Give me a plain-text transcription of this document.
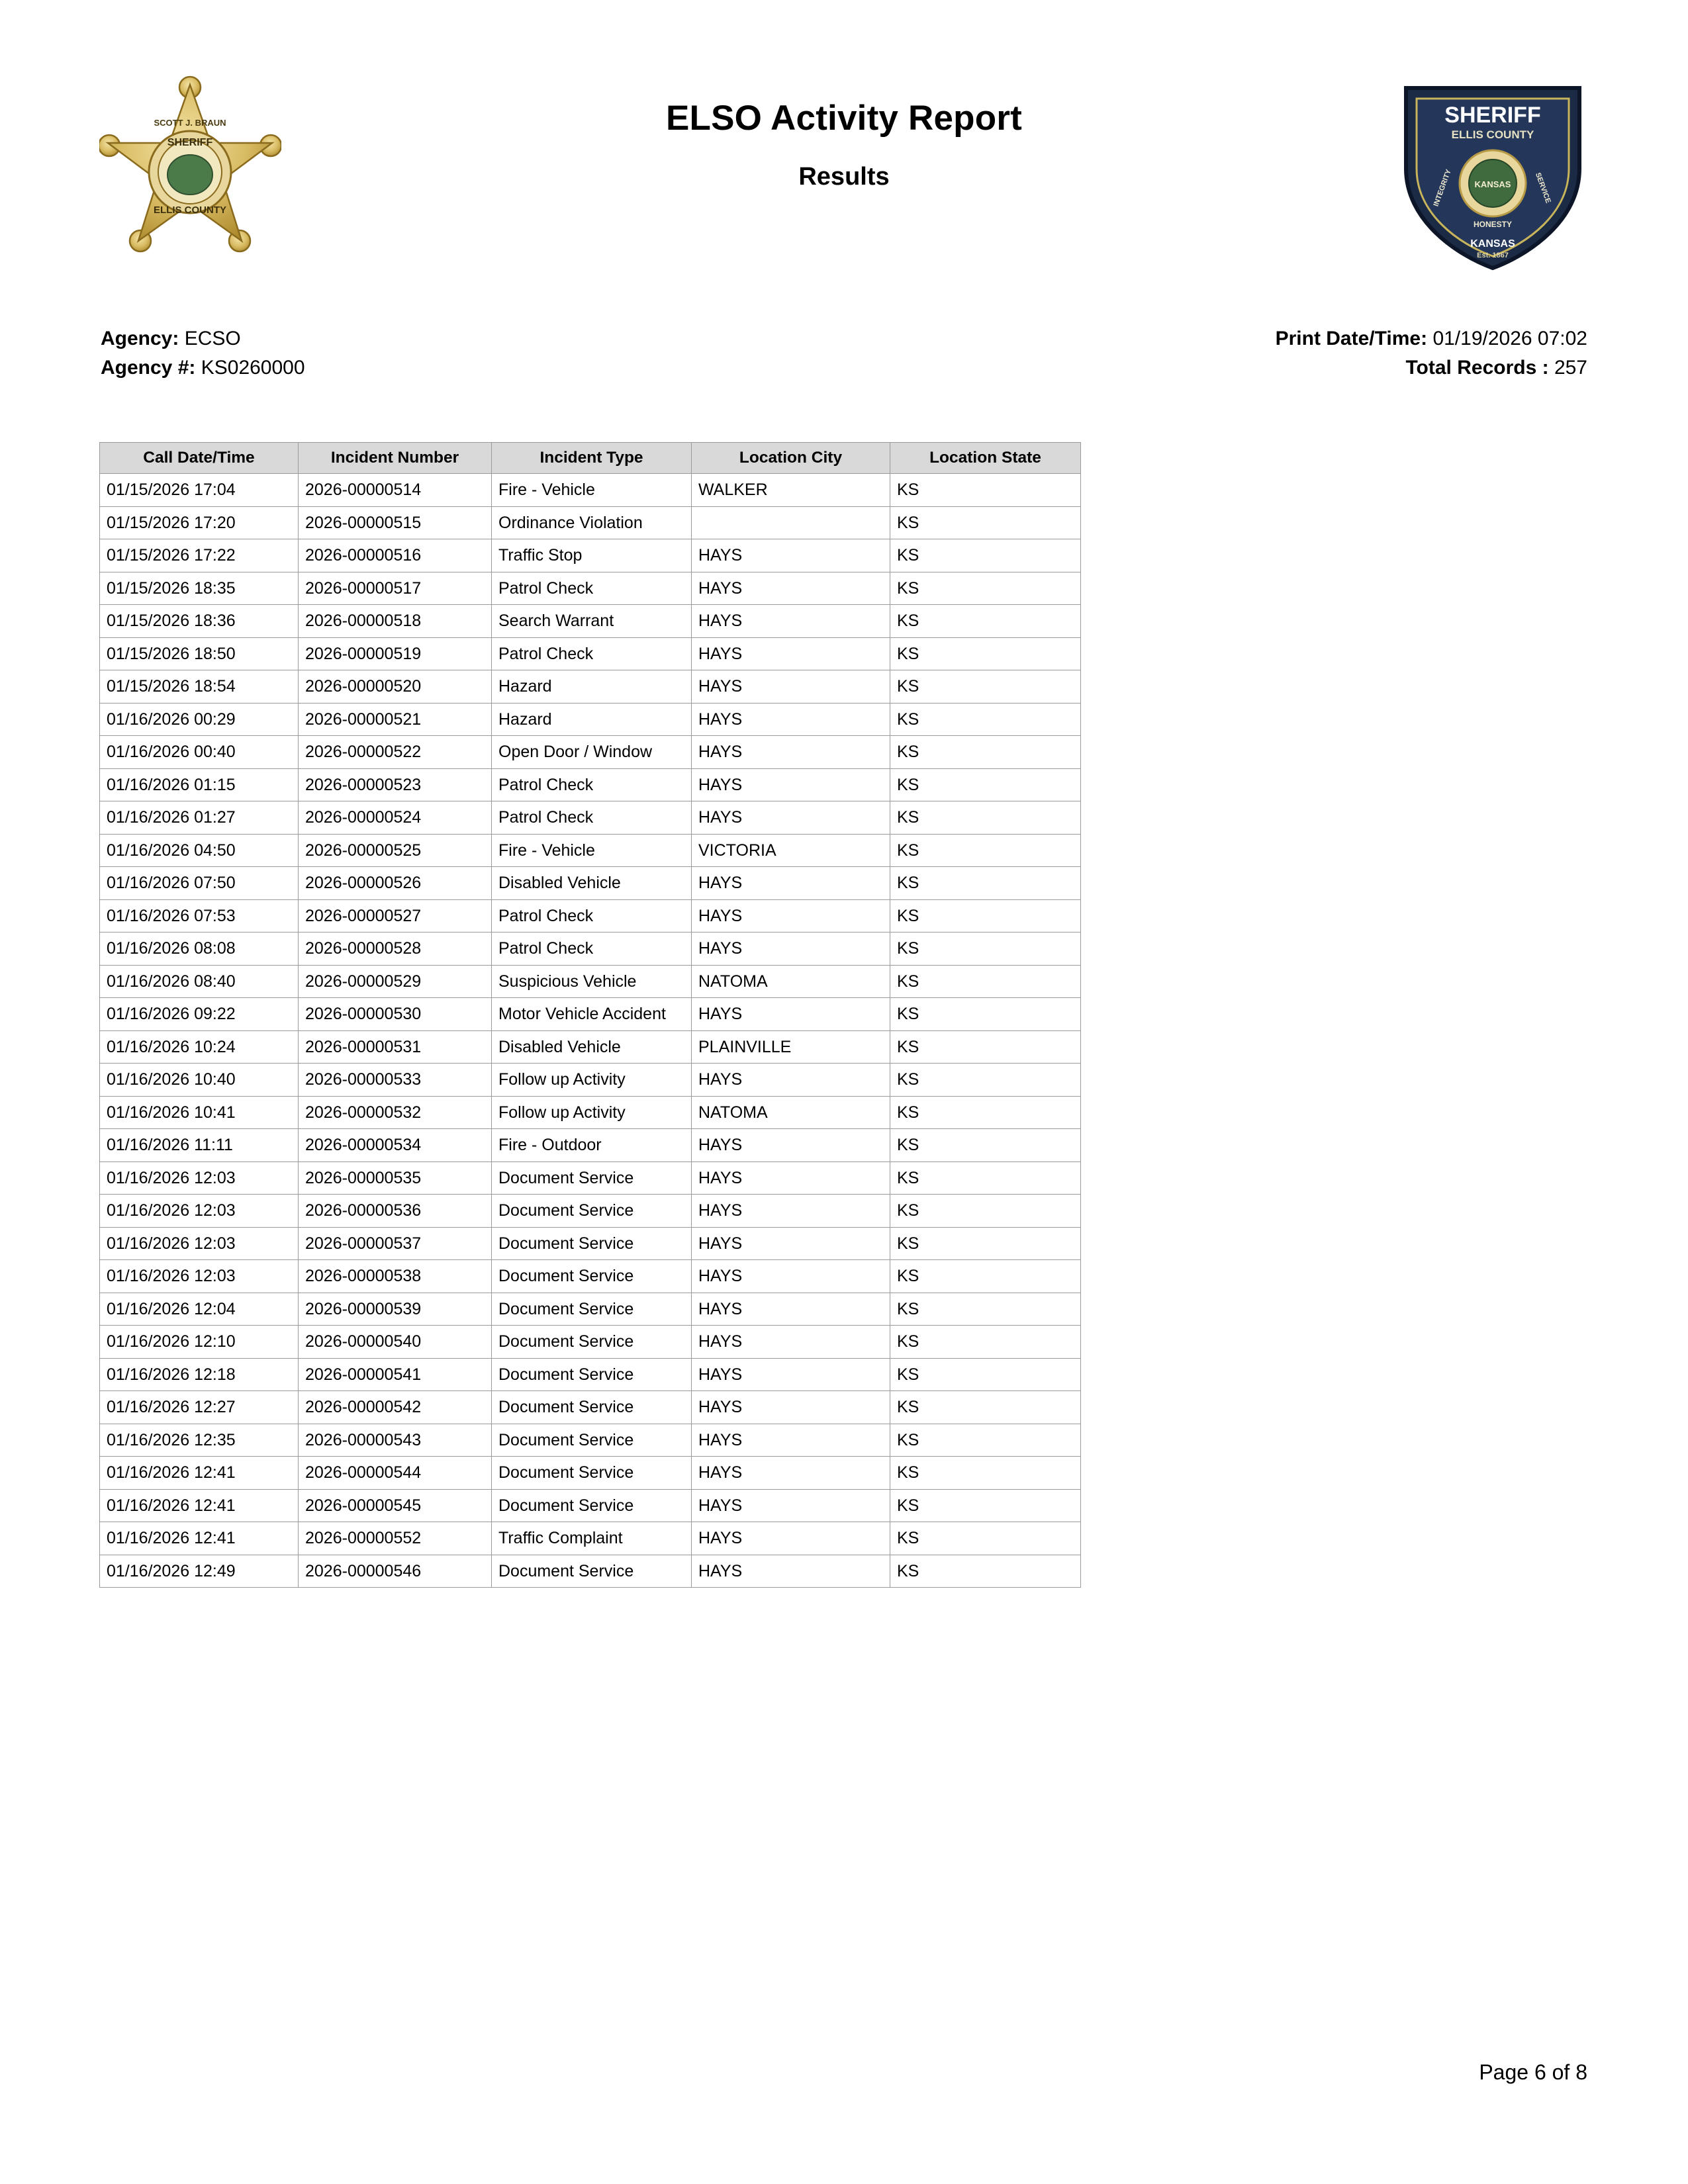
SCOTT J. BRAUN
SHERIFF
ELLIS COUNTY
ELSO Activity Report
Results
SHERIFF
ELLIS COUNTY
KANSAS
INTEGRITY	SERVICE
HONESTY
KANSAS
Est. 1867
Agency: ECSO
Agency #: KS0260000
Print Date/Time: 01/19/2026 07:02
Total Records : 257
Call Date/Time	Incident Number	Incident Type	Location City	Location State
01/15/2026 17:04	2026-00000514	Fire - Vehicle	WALKER	KS
01/15/2026 17:20	2026-00000515	Ordinance Violation		KS
01/15/2026 17:22	2026-00000516	Traffic Stop	HAYS	KS
01/15/2026 18:35	2026-00000517	Patrol Check	HAYS	KS
01/15/2026 18:36	2026-00000518	Search Warrant	HAYS	KS
01/15/2026 18:50	2026-00000519	Patrol Check	HAYS	KS
01/15/2026 18:54	2026-00000520	Hazard	HAYS	KS
01/16/2026 00:29	2026-00000521	Hazard	HAYS	KS
01/16/2026 00:40	2026-00000522	Open Door / Window	HAYS	KS
01/16/2026 01:15	2026-00000523	Patrol Check	HAYS	KS
01/16/2026 01:27	2026-00000524	Patrol Check	HAYS	KS
01/16/2026 04:50	2026-00000525	Fire - Vehicle	VICTORIA	KS
01/16/2026 07:50	2026-00000526	Disabled Vehicle	HAYS	KS
01/16/2026 07:53	2026-00000527	Patrol Check	HAYS	KS
01/16/2026 08:08	2026-00000528	Patrol Check	HAYS	KS
01/16/2026 08:40	2026-00000529	Suspicious Vehicle	NATOMA	KS
01/16/2026 09:22	2026-00000530	Motor Vehicle Accident	HAYS	KS
01/16/2026 10:24	2026-00000531	Disabled Vehicle	PLAINVILLE	KS
01/16/2026 10:40	2026-00000533	Follow up Activity	HAYS	KS
01/16/2026 10:41	2026-00000532	Follow up Activity	NATOMA	KS
01/16/2026 11:11	2026-00000534	Fire - Outdoor	HAYS	KS
01/16/2026 12:03	2026-00000535	Document Service	HAYS	KS
01/16/2026 12:03	2026-00000536	Document Service	HAYS	KS
01/16/2026 12:03	2026-00000537	Document Service	HAYS	KS
01/16/2026 12:03	2026-00000538	Document Service	HAYS	KS
01/16/2026 12:04	2026-00000539	Document Service	HAYS	KS
01/16/2026 12:10	2026-00000540	Document Service	HAYS	KS
01/16/2026 12:18	2026-00000541	Document Service	HAYS	KS
01/16/2026 12:27	2026-00000542	Document Service	HAYS	KS
01/16/2026 12:35	2026-00000543	Document Service	HAYS	KS
01/16/2026 12:41	2026-00000544	Document Service	HAYS	KS
01/16/2026 12:41	2026-00000545	Document Service	HAYS	KS
01/16/2026 12:41	2026-00000552	Traffic Complaint	HAYS	KS
01/16/2026 12:49	2026-00000546	Document Service	HAYS	KS
Page 6 of 8
